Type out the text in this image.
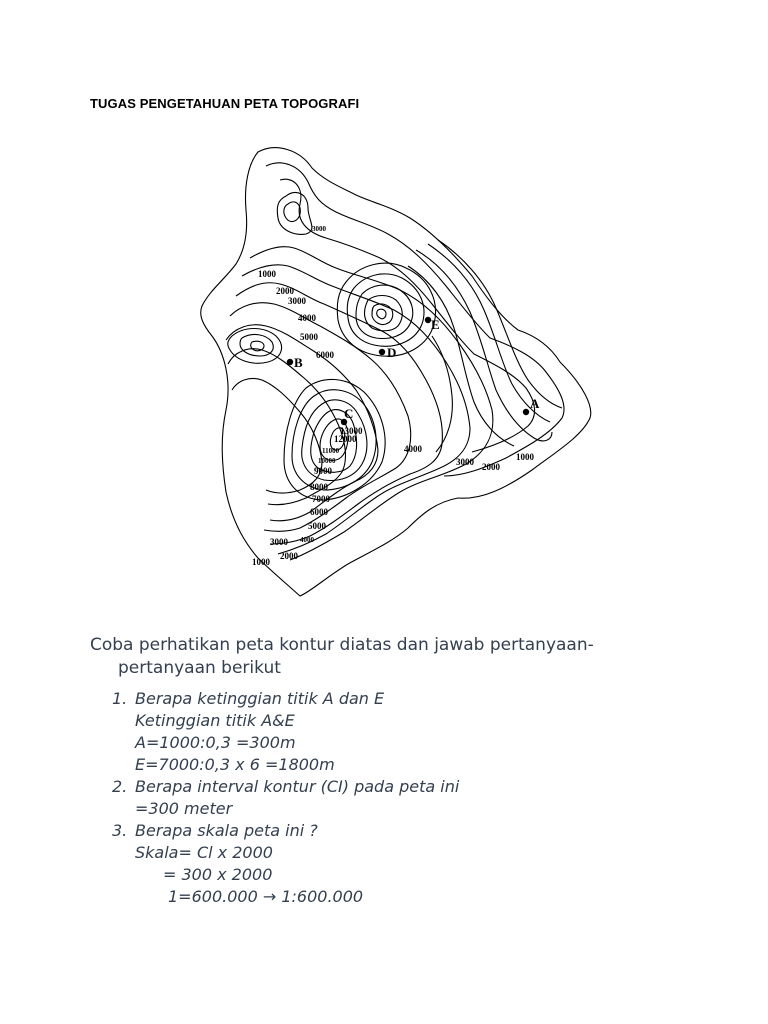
TUGAS PENGETAHUAN PETA TOPOGRAFI
A
B
C
D
E
1000
2000
3000
4000
5000
6000
3000
13000
12000
11000
10000
9000
8000
7000
6000
5000
4000
3000
2000
1000
4000
3000 2000
1000
Coba perhatikan peta kontur diatas dan jawab pertanyaan-
pertanyaan berikut
1. Berapa ketinggian titik A dan E
Ketinggian titik A&E
A=1000:0,3 =300m
E=7000:0,3 x 6 =1800m
2. Berapa interval kontur (CI) pada peta ini
=300 meter
3. Berapa skala peta ini ?
Skala= Cl x 2000
= 300 x 2000
1=600.000 → 1:600.000
